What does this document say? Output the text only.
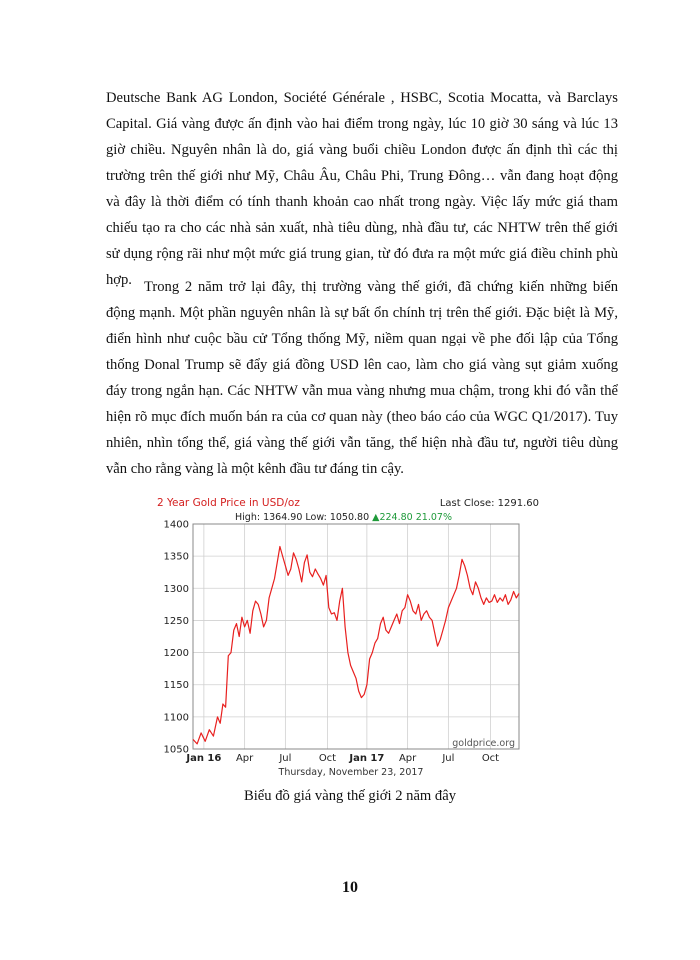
Deutsche Bank AG London, Société Générale , HSBC, Scotia Mocatta, và Barclays Capital. Giá vàng được ấn định vào hai điểm trong ngày, lúc 10 giờ 30 sáng và lúc 13 giờ chiều. Nguyên nhân là do, giá vàng buổi chiều London được ấn định thì các thị trường trên thế giới như Mỹ, Châu Âu, Châu Phi, Trung Đông… vẫn đang hoạt động và đây là thời điểm có tính thanh khoản cao nhất trong ngày. Việc lấy mức giá tham chiếu tạo ra cho các nhà sản xuất, nhà tiêu dùng, nhà đầu tư, các NHTW trên thế giới sử dụng rộng rãi như một mức giá trung gian, từ đó đưa ra một mức giá điều chỉnh phù hợp. Trong 2 năm trở lại đây, thị trường vàng thế giới, đã chứng kiến những biến động mạnh. Một phần nguyên nhân là sự bất ổn chính trị trên thế giới. Đặc biệt là Mỹ, điển hình như cuộc bầu cử Tổng thống Mỹ, niềm quan ngại về phe đối lập của Tổng thống Donal Trump sẽ đẩy giá đồng USD lên cao, làm cho giá vàng sụt giảm xuống đáy trong ngắn hạn. Các NHTW vẫn mua vàng nhưng mua chậm, trong khi đó vẫn thể hiện rõ mục đích muốn bán ra của cơ quan này (theo báo cáo của WGC Q1/2017). Tuy nhiên, nhìn tổng thể, giá vàng thế giới vẫn tăng, thể hiện nhà đầu tư, người tiêu dùng vẫn cho rằng vàng là một kênh đầu tư đáng tin cậy.

2 Year Gold Price in USD/oz	Last Close: 1291.60
High: 1364.90 Low: 1050.80 ▲224.80 21.07%
1050
1100
1150
1200
1250
1300
1350
1400
Jan 16 Apr	Jul	Oct Jan 17 Apr	Jul	Oct
goldprice.org
Thursday, November 23, 2017
Biểu đồ giá vàng thế giới 2 năm đây
10
